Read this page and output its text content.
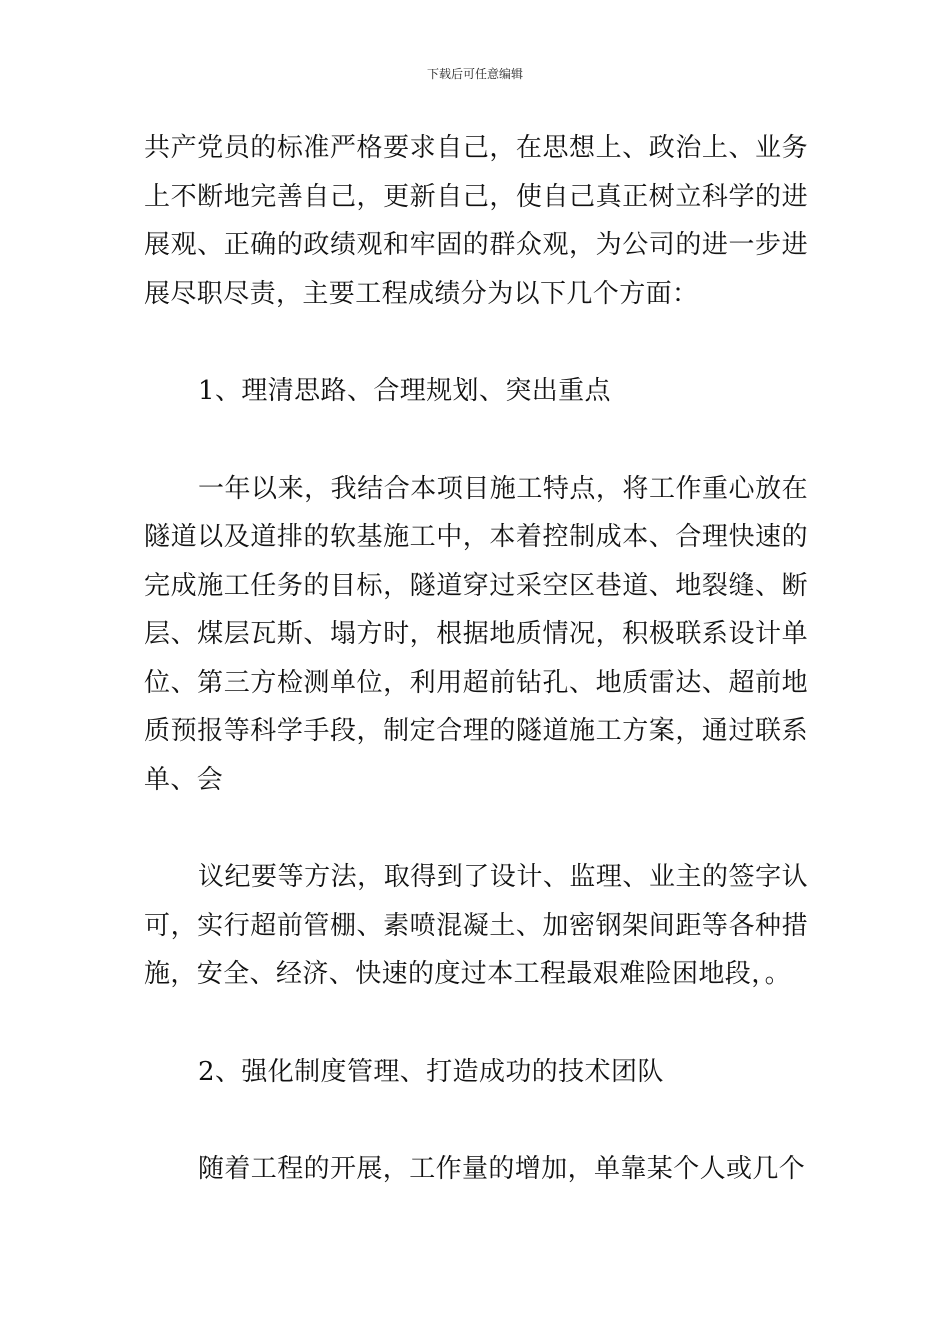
下载后可任意编辑

共产党员的标准严格要求自己，在思想上、政治上、业务上不断地完善自己，更新自己，使自己真正树立科学的进展观、正确的政绩观和牢固的群众观，为公司的进一步进展尽职尽责，主要工程成绩分为以下几个方面：

1、理清思路、合理规划、突出重点

一年以来，我结合本项目施工特点，将工作重心放在隧道以及道排的软基施工中，本着控制成本、合理快速的完成施工任务的目标，隧道穿过采空区巷道、地裂缝、断层、煤层瓦斯、塌方时，根据地质情况，积极联系设计单位、第三方检测单位，利用超前钻孔、地质雷达、超前地质预报等科学手段，制定合理的隧道施工方案，通过联系单、会

议纪要等方法，取得到了设计、监理、业主的签字认可，实行超前管棚、素喷混凝土、加密钢架间距等各种措施，安全、经济、快速的度过本工程最艰难险困地段，。

2、强化制度管理、打造成功的技术团队

随着工程的开展，工作量的增加，单靠某个人或几个
